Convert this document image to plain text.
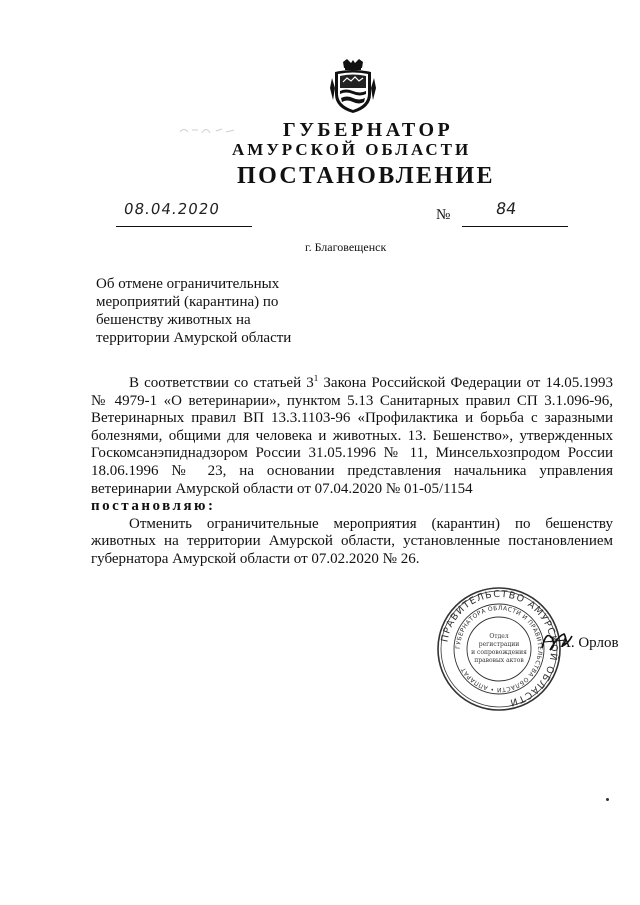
ГУБЕРНАТОР
АМУРСКОЙ ОБЛАСТИ
ПОСТАНОВЛЕНИЕ
08.04.2020	№	84
г. Благовещенск
Об отмене ограничительных
мероприятий (карантина) по
бешенству животных на
территории Амурской области
В соответствии со статьей $3^1$ Закона Российской Федерации от 14.05.1993
№ 4979-1 «О ветеринарии», пунктом 5.13 Санитарных правил СП 3.1.096-96,
Ветеринарных правил ВП 13.3.1103-96 «Профилактика и борьба с заразными
болезнями, общими для человека и животных. 13. Бешенство», утвержденных
Госкомсанэпиднадзором России 31.05.1996 № 11, Минсельхозпродом России
18.06.1996 № 23, на основании представления начальника управления
ветеринарии Амурской области от 07.04.2020 № 01-05/1154
постановляю:
Отменить ограничительные мероприятия (карантин) по бешенству
животных на территории Амурской области, установленные постановлением
губернатора Амурской области от 07.02.2020 № 26.
ПРАВИТЕЛЬСТВО АМУРСКОЙ ОБЛАСТИ
ГУБЕРНАТОРА ОБЛАСТИ И ПРАВИТЕЛЬСТВА ОБЛАСТИ • АППАРАТ
Отдел
регистрации
и сопровождения
правовых актов
А. Орлов
